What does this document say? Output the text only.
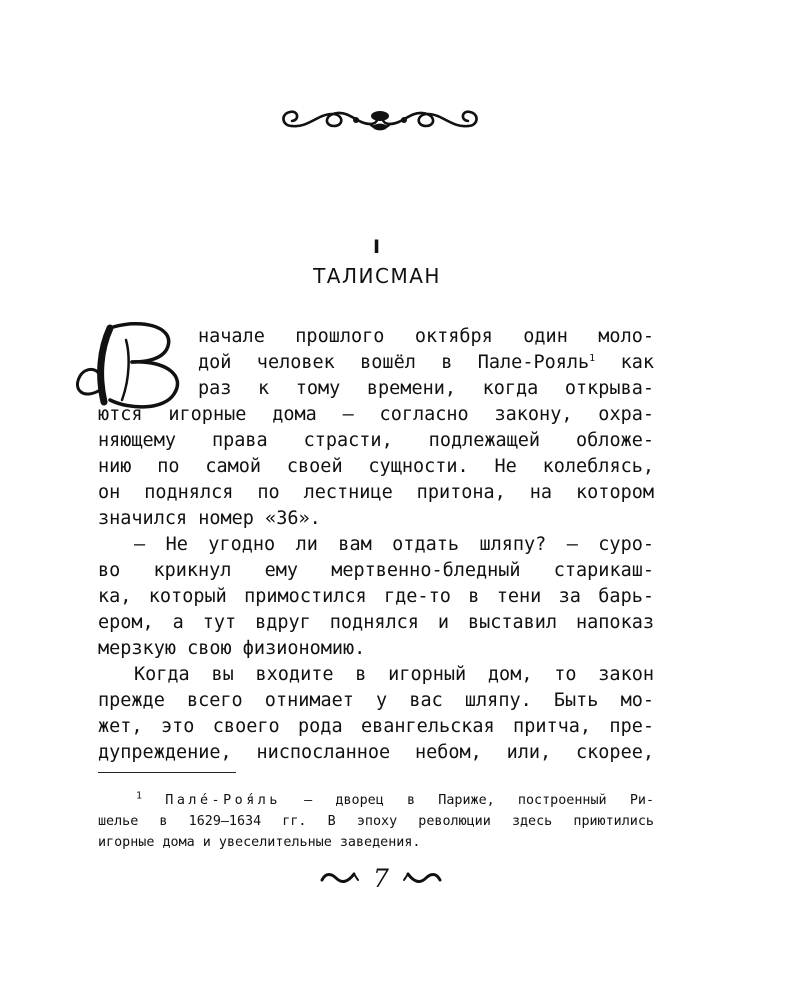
I
ТАЛИСМАН
начале прошлого октября один моло-
дой человек вошёл в Пале-Рояль$^1$ как
раз к тому времени, когда открыва-
ются игорные дома — согласно закону, охра-
няющему права страсти, подлежащей обложе-
нию по самой своей сущности. Не колеблясь,
он поднялся по лестнице притона, на котором
значился номер «36».
— Не угодно ли вам отдать шляпу? — суро-
во крикнул ему мертвенно-бледный старикаш-
ка, который примостился где-то в тени за барь-
ером, а тут вдруг поднялся и выставил напоказ
мерзкую свою физиономию.
Когда вы входите в игорный дом, то закон
прежде всего отнимает у вас шляпу. Быть мо-
жет, это своего рода евангельская притча, пре-
дупреждение, ниспосланное небом, или, скорее,
$^1$ Пале́-Роя́ль — дворец в Париже, построенный Ри-
шелье в 1629–1634 гг. В эпоху революции здесь приютились
игорные дома и увеселительные заведения.
7
